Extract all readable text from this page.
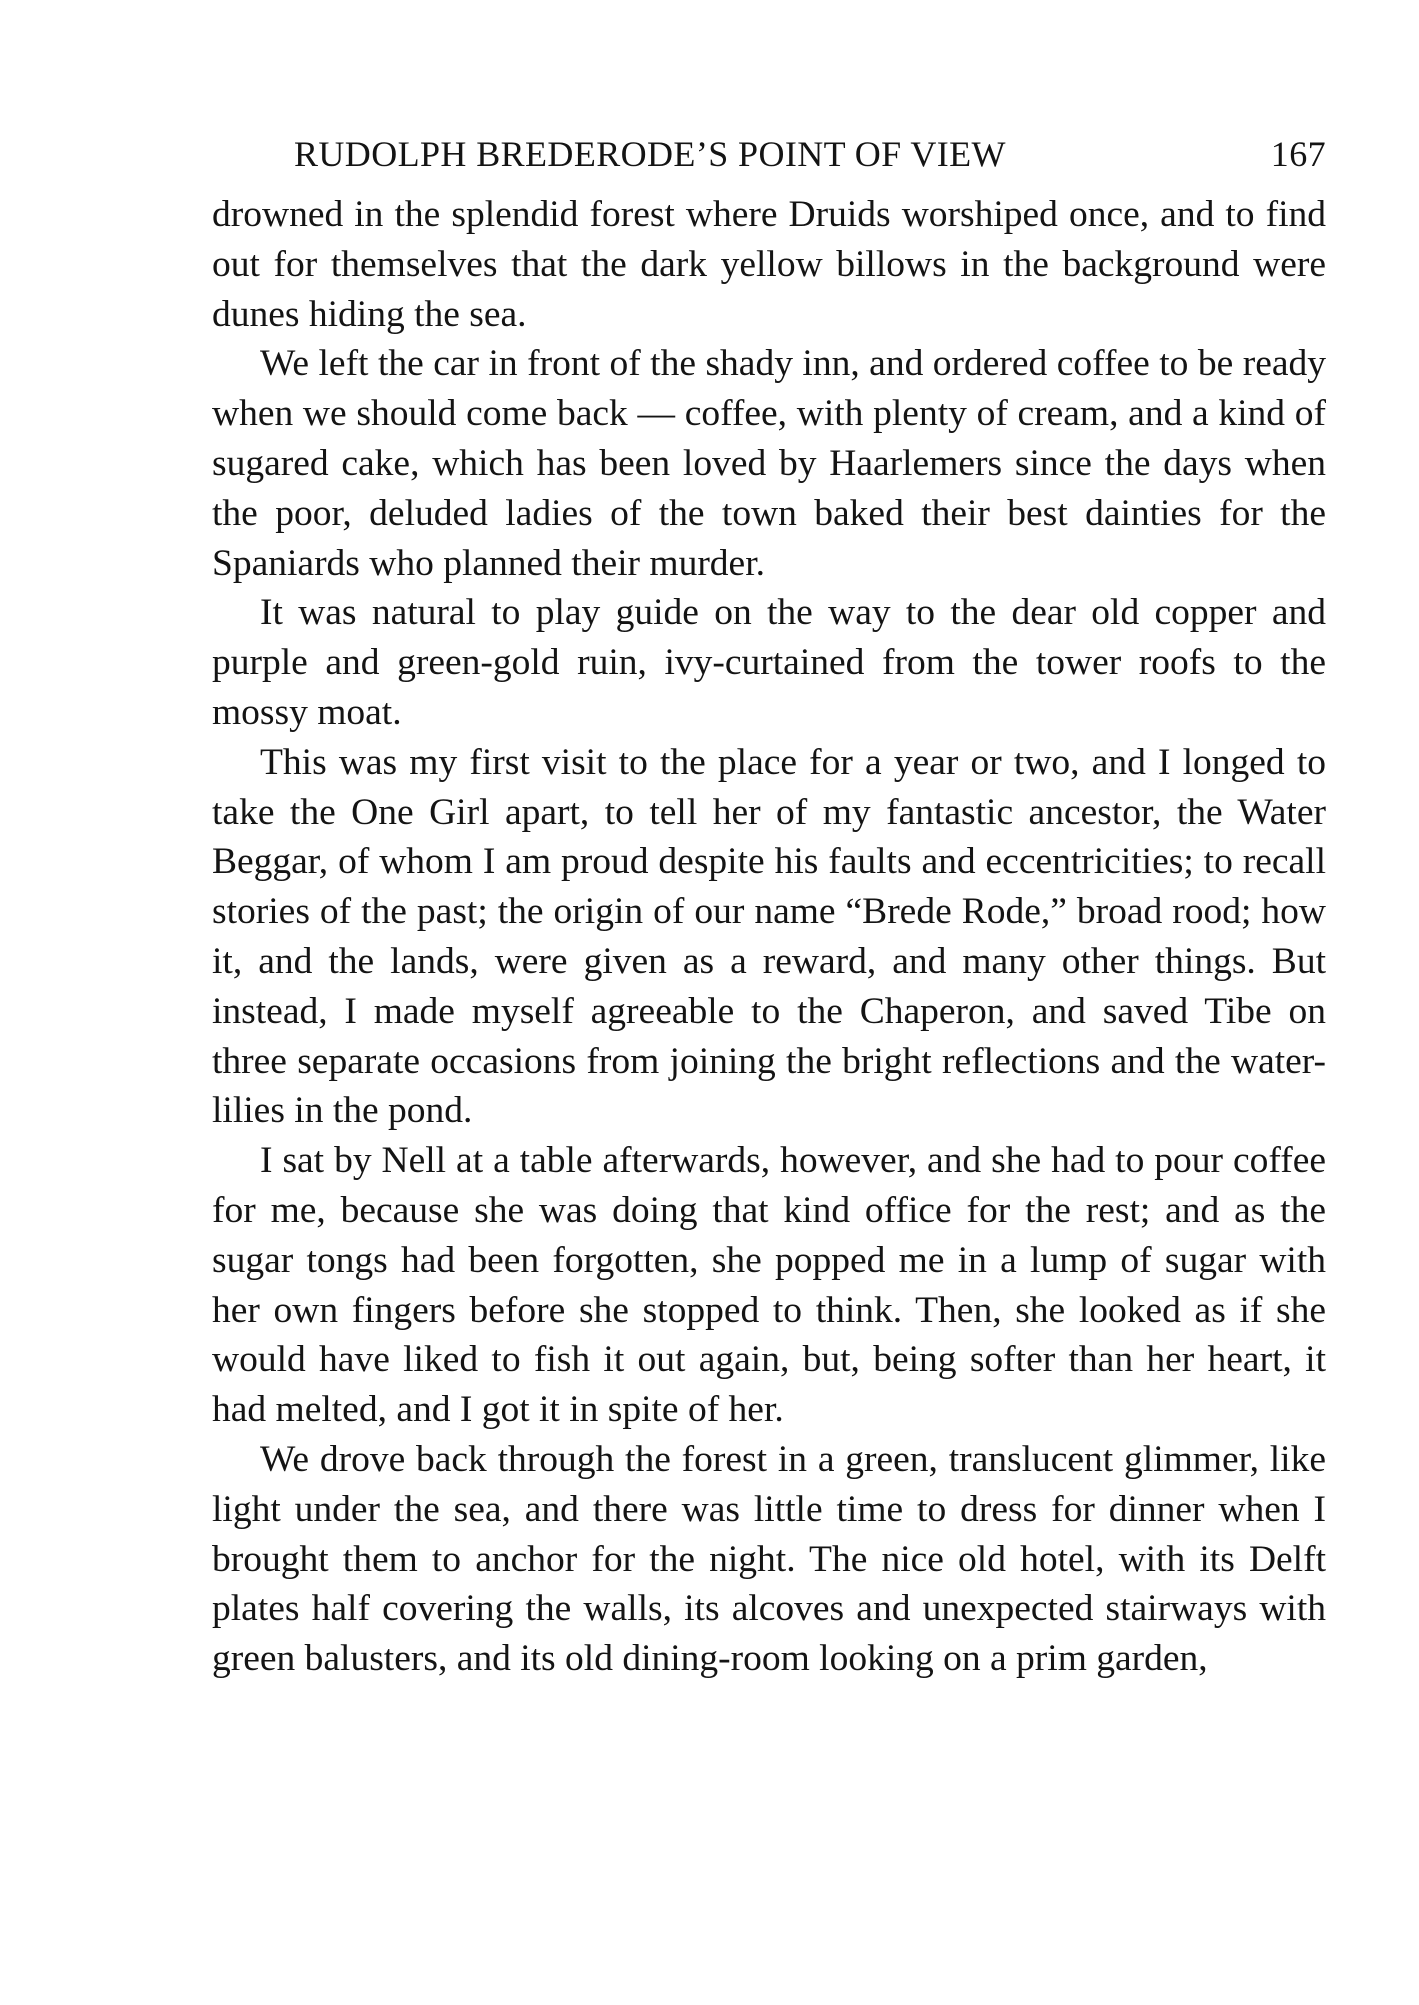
RUDOLPH BREDERODE’S POINT OF VIEW	167

drowned in the splendid forest where Druids worshiped once, and to find out for themselves that the dark yellow billows in the background were dunes hiding the sea.

We left the car in front of the shady inn, and ordered coffee to be ready when we should come back — coffee, with plenty of cream, and a kind of sugared cake, which has been loved by Haarlemers since the days when the poor, deluded ladies of the town baked their best dainties for the Spaniards who planned their murder.

It was natural to play guide on the way to the dear old copper and purple and green-gold ruin, ivy-curtained from the tower roofs to the mossy moat.

This was my first visit to the place for a year or two, and I longed to take the One Girl apart, to tell her of my fantastic ancestor, the Water Beggar, of whom I am proud despite his faults and eccentricities; to recall stories of the past; the origin of our name “Brede Rode,” broad rood; how it, and the lands, were given as a reward, and many other things. But instead, I made myself agreeable to the Chaperon, and saved Tibe on three separate occasions from joining the bright reflections and the water-lilies in the pond.

I sat by Nell at a table afterwards, however, and she had to pour coffee for me, because she was doing that kind office for the rest; and as the sugar tongs had been forgotten, she popped me in a lump of sugar with her own fingers before she stopped to think. Then, she looked as if she would have liked to fish it out again, but, being softer than her heart, it had melted, and I got it in spite of her.

We drove back through the forest in a green, translucent glimmer, like light under the sea, and there was little time to dress for dinner when I brought them to anchor for the night. The nice old hotel, with its Delft plates half covering the walls, its alcoves and unexpected stairways with green balusters, and its old dining-room looking on a prim garden,
